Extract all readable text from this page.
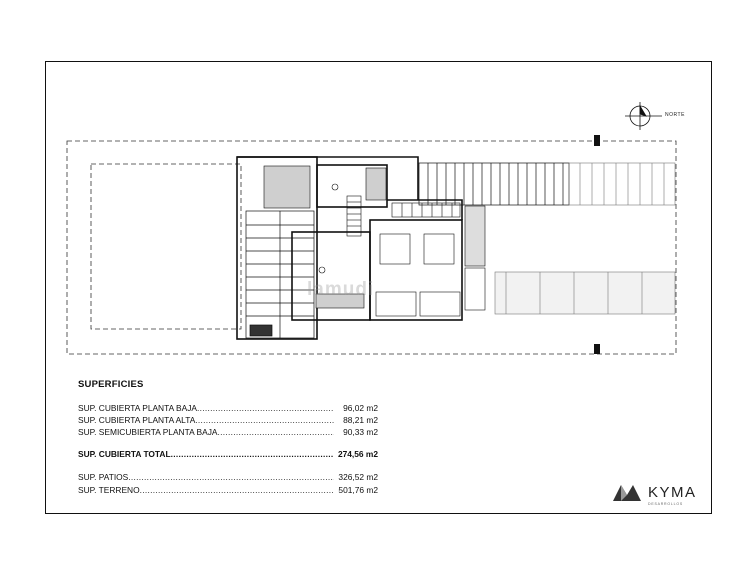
NORTE
lamudi
SUPERFICIES
SUP. CUBIERTA PLANTA BAJA .....	96,02 m2
SUP. CUBIERTA PLANTA ALTA .....	88,21 m2
SUP. SEMICUBIERTA PLANTA BAJA .....	90,33 m2
SUP. CUBIERTA TOTAL .....	274,56 m2
SUP. PATIOS .....	326,52 m2
SUP. TERRENO .....	501,76 m2	KYMA
DESARROLLOS
